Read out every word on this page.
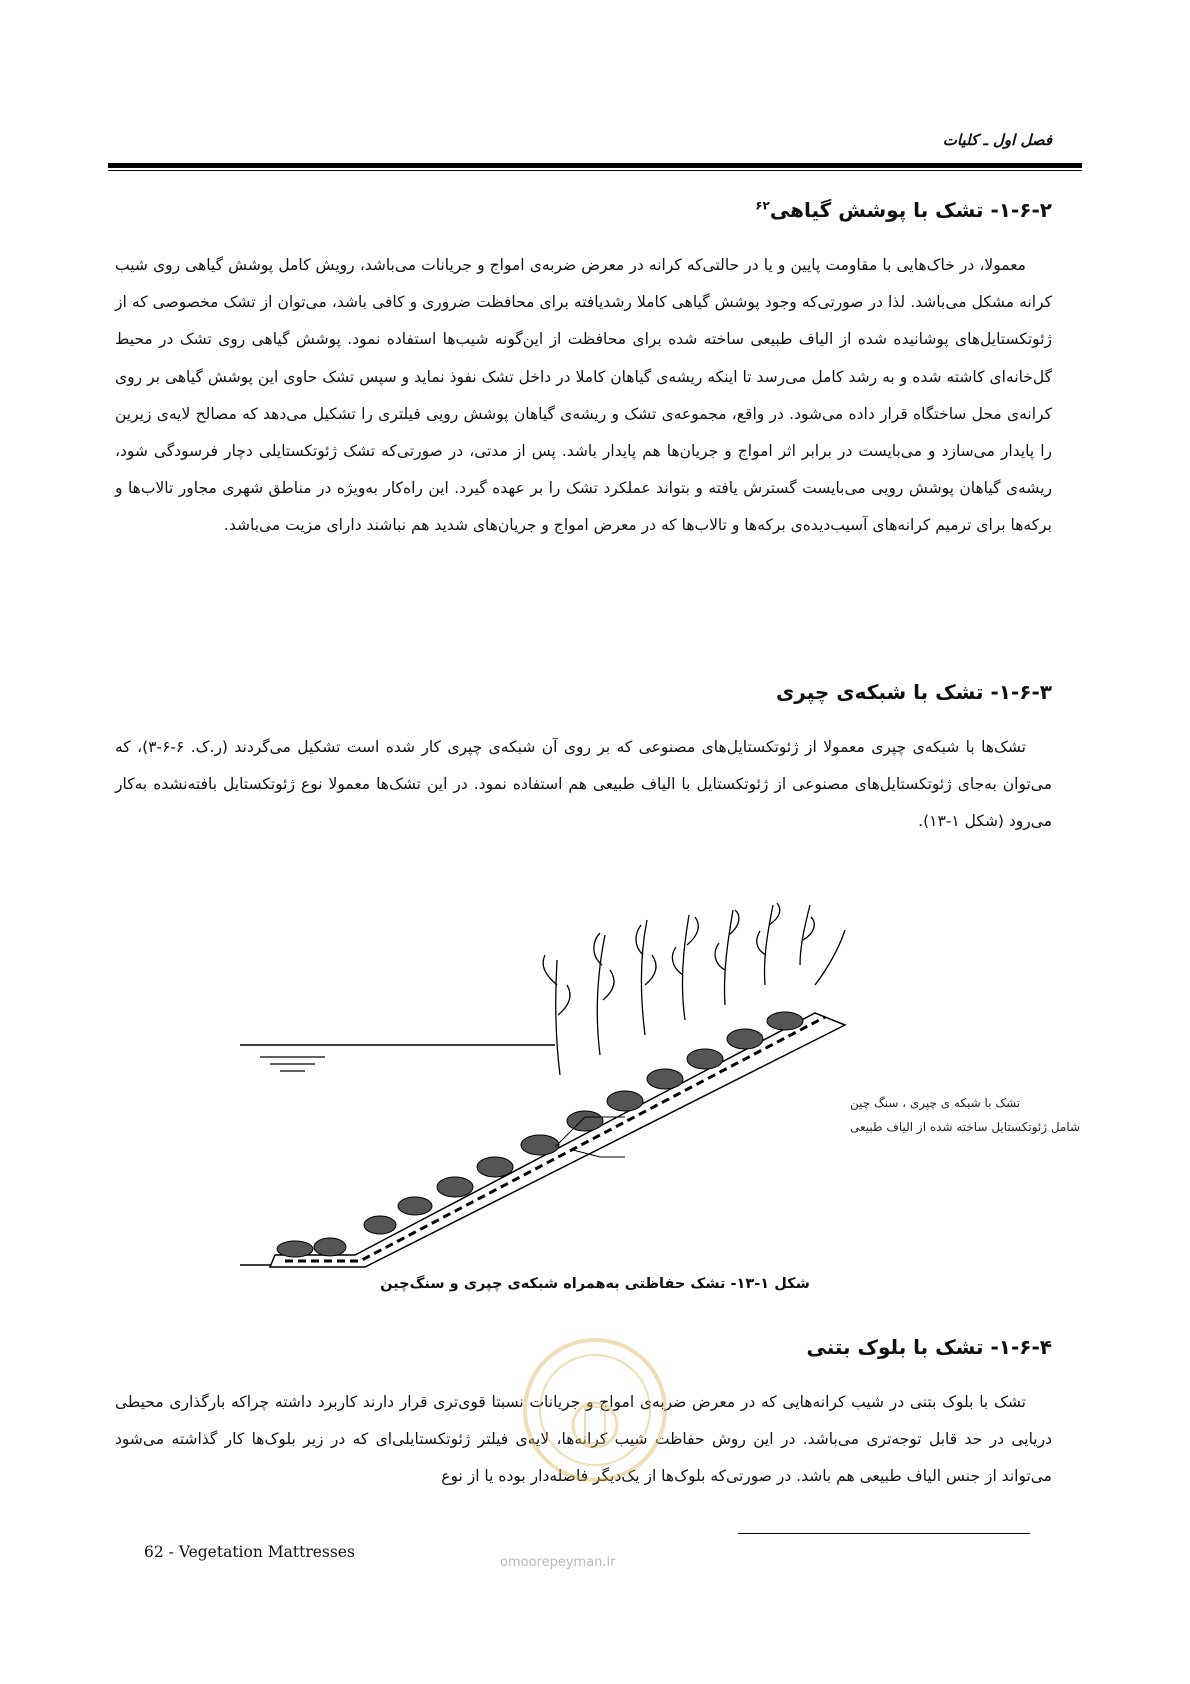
فصل اول ـ کلیات
۱-۶-۲- تشک با پوشش گیاهی$^{۶۲}$
معمولا، در خاک‌هایی با مقاومت پایین و یا در حالتی‌که کرانه در معرض ضربه‌ی امواج و جریانات می‌باشد، رویش کامل پوشش گیاهی روی شیب کرانه مشکل می‌باشد. لذا در صورتی‌که وجود پوشش گیاهی کاملا رشدیافته برای محافظت ضروری و کافی باشد، می‌توان از تشک مخصوصی که از ژئوتکستایل‌های پوشانیده شده از الیاف طبیعی ساخته شده برای محافظت از این‌گونه شیب‌ها استفاده نمود. پوشش گیاهی روی تشک در محیط گل‌خانه‌ای کاشته شده و به رشد کامل می‌رسد تا اینکه ریشه‌ی گیاهان کاملا در داخل تشک نفوذ نماید و سپس تشک حاوی این پوشش گیاهی بر روی کرانه‌ی محل ساختگاه قرار داده می‌شود. در واقع، مجموعه‌ی تشک و ریشه‌ی گیاهان پوشش رویی فیلتری را تشکیل می‌دهد که مصالح لایه‌ی زیرین را پایدار می‌سازد و می‌بایست در برابر اثر امواج و جریان‌ها هم پایدار باشد. پس از مدتی، در صورتی‌که تشک ژئوتکستایلی دچار فرسودگی شود، ریشه‌ی گیاهان پوشش رویی می‌بایست گسترش یافته و بتواند عملکرد تشک را بر عهده گیرد. این راه‌کار به‌ویژه در مناطق شهری مجاور تالاب‌ها و برکه‌ها برای ترمیم کرانه‌های آسیب‌دیده‌ی برکه‌ها و تالاب‌ها که در معرض امواج و جریان‌های شدید هم نباشند دارای مزیت می‌باشد.
۱-۶-۳- تشک با شبکه‌ی چپری
تشک‌ها با شبکه‌ی چپری معمولا از ژئوتکستایل‌های مصنوعی که بر روی آن شبکه‌ی چپری کار شده است تشکیل می‌گردند (ر.ک. ۶-۶-۳)، که می‌توان به‌جای ژئوتکستایل‌های مصنوعی از ژئوتکستایل با الیاف طبیعی هم استفاده نمود. در این تشک‌ها معمولا نوع ژئوتکستایل بافته‌نشده به‌کار می‌رود (شکل ۱-۱۳).
تشک با شبکه ی چپری ، سنگ چین
شامل ژئوتکستایل ساخته شده از الیاف طبیعی
شکل ۱-۱۳- تشک حفاظتی به‌همراه شبکه‌ی چپری و سنگ‌چین
۱-۶-۴- تشک با بلوک بتنی
تشک با بلوک بتنی در شیب کرانه‌هایی که در معرض ضربه‌ی امواج و جریانات نسبتا قوی‌تری قرار دارند کاربرد داشته چراکه بارگذاری محیطی دریایی در حد قابل توجه‌تری می‌باشد. در این روش حفاظت شیب کرانه‌ها، لایه‌ی فیلتر ژئوتکستایلی‌ای که در زیر بلوک‌ها کار گذاشته می‌شود می‌تواند از جنس الیاف طبیعی هم باشد. در صورتی‌که بلوک‌ها از یک‌دیگر فاصله‌دار بوده یا از نوع
omoorepeyman.ir
62 - Vegetation Mattresses
